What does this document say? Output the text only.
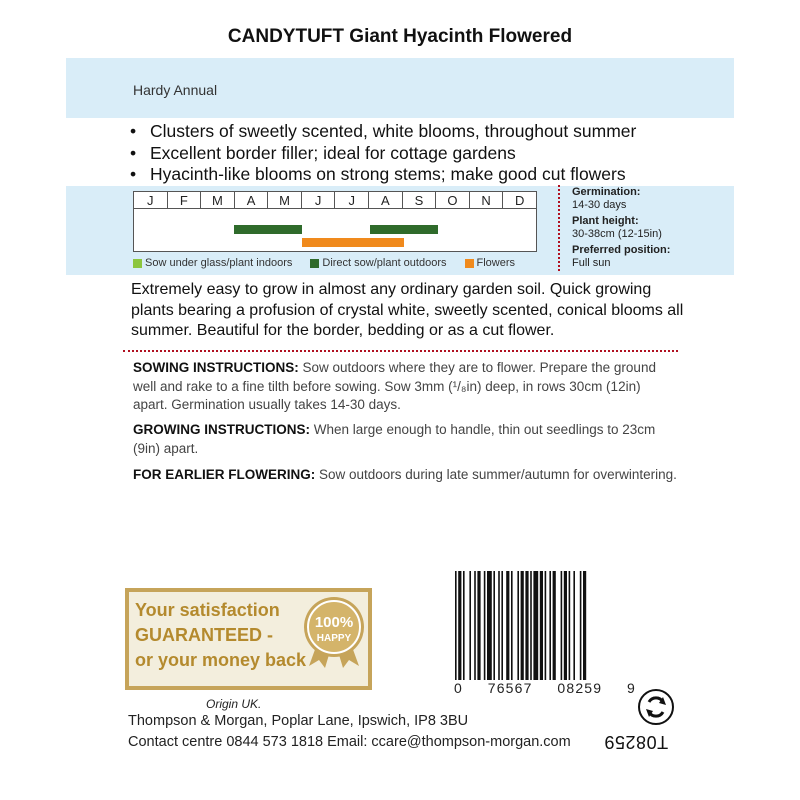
CANDYTUFT Giant Hyacinth Flowered
Hardy Annual
• Clusters of sweetly scented, white blooms, throughout summer
• Excellent border filler; ideal for cottage gardens
• Hyacinth-like blooms on strong stems; make good cut flowers
J	F	M	A	M	J	J	A	S	O	N	D
Sow under glass/plant indoors	Direct sow/plant outdoors	Flowers
Germination:
14-30 days
Plant height:
30-38cm (12-15in)
Preferred position:
Full sun
Extremely easy to grow in almost any ordinary garden soil. Quick growing plants bearing a profusion of crystal white, sweetly scented, conical blooms all summer. Beautiful for the border, bedding or as a cut flower.
SOWING INSTRUCTIONS: Sow outdoors where they are to flower. Prepare the ground well and rake to a fine tilth before sowing. Sow 3mm (¹/₈in) deep, in rows 30cm (12in) apart. Germination usually takes 14-30 days.
GROWING INSTRUCTIONS: When large enough to handle, thin out seedlings to 23cm (9in) apart.
FOR EARLIER FLOWERING: Sow outdoors during late summer/autumn for overwintering.
Your satisfaction
GUARANTEED -
or your money back
100%
HAPPY
Origin UK.
Thompson & Morgan, Poplar Lane, Ipswich, IP8 3BU
Contact centre 0844 573 1818 Email: ccare@thompson-morgan.com
0 76567 08259 9
T08259
